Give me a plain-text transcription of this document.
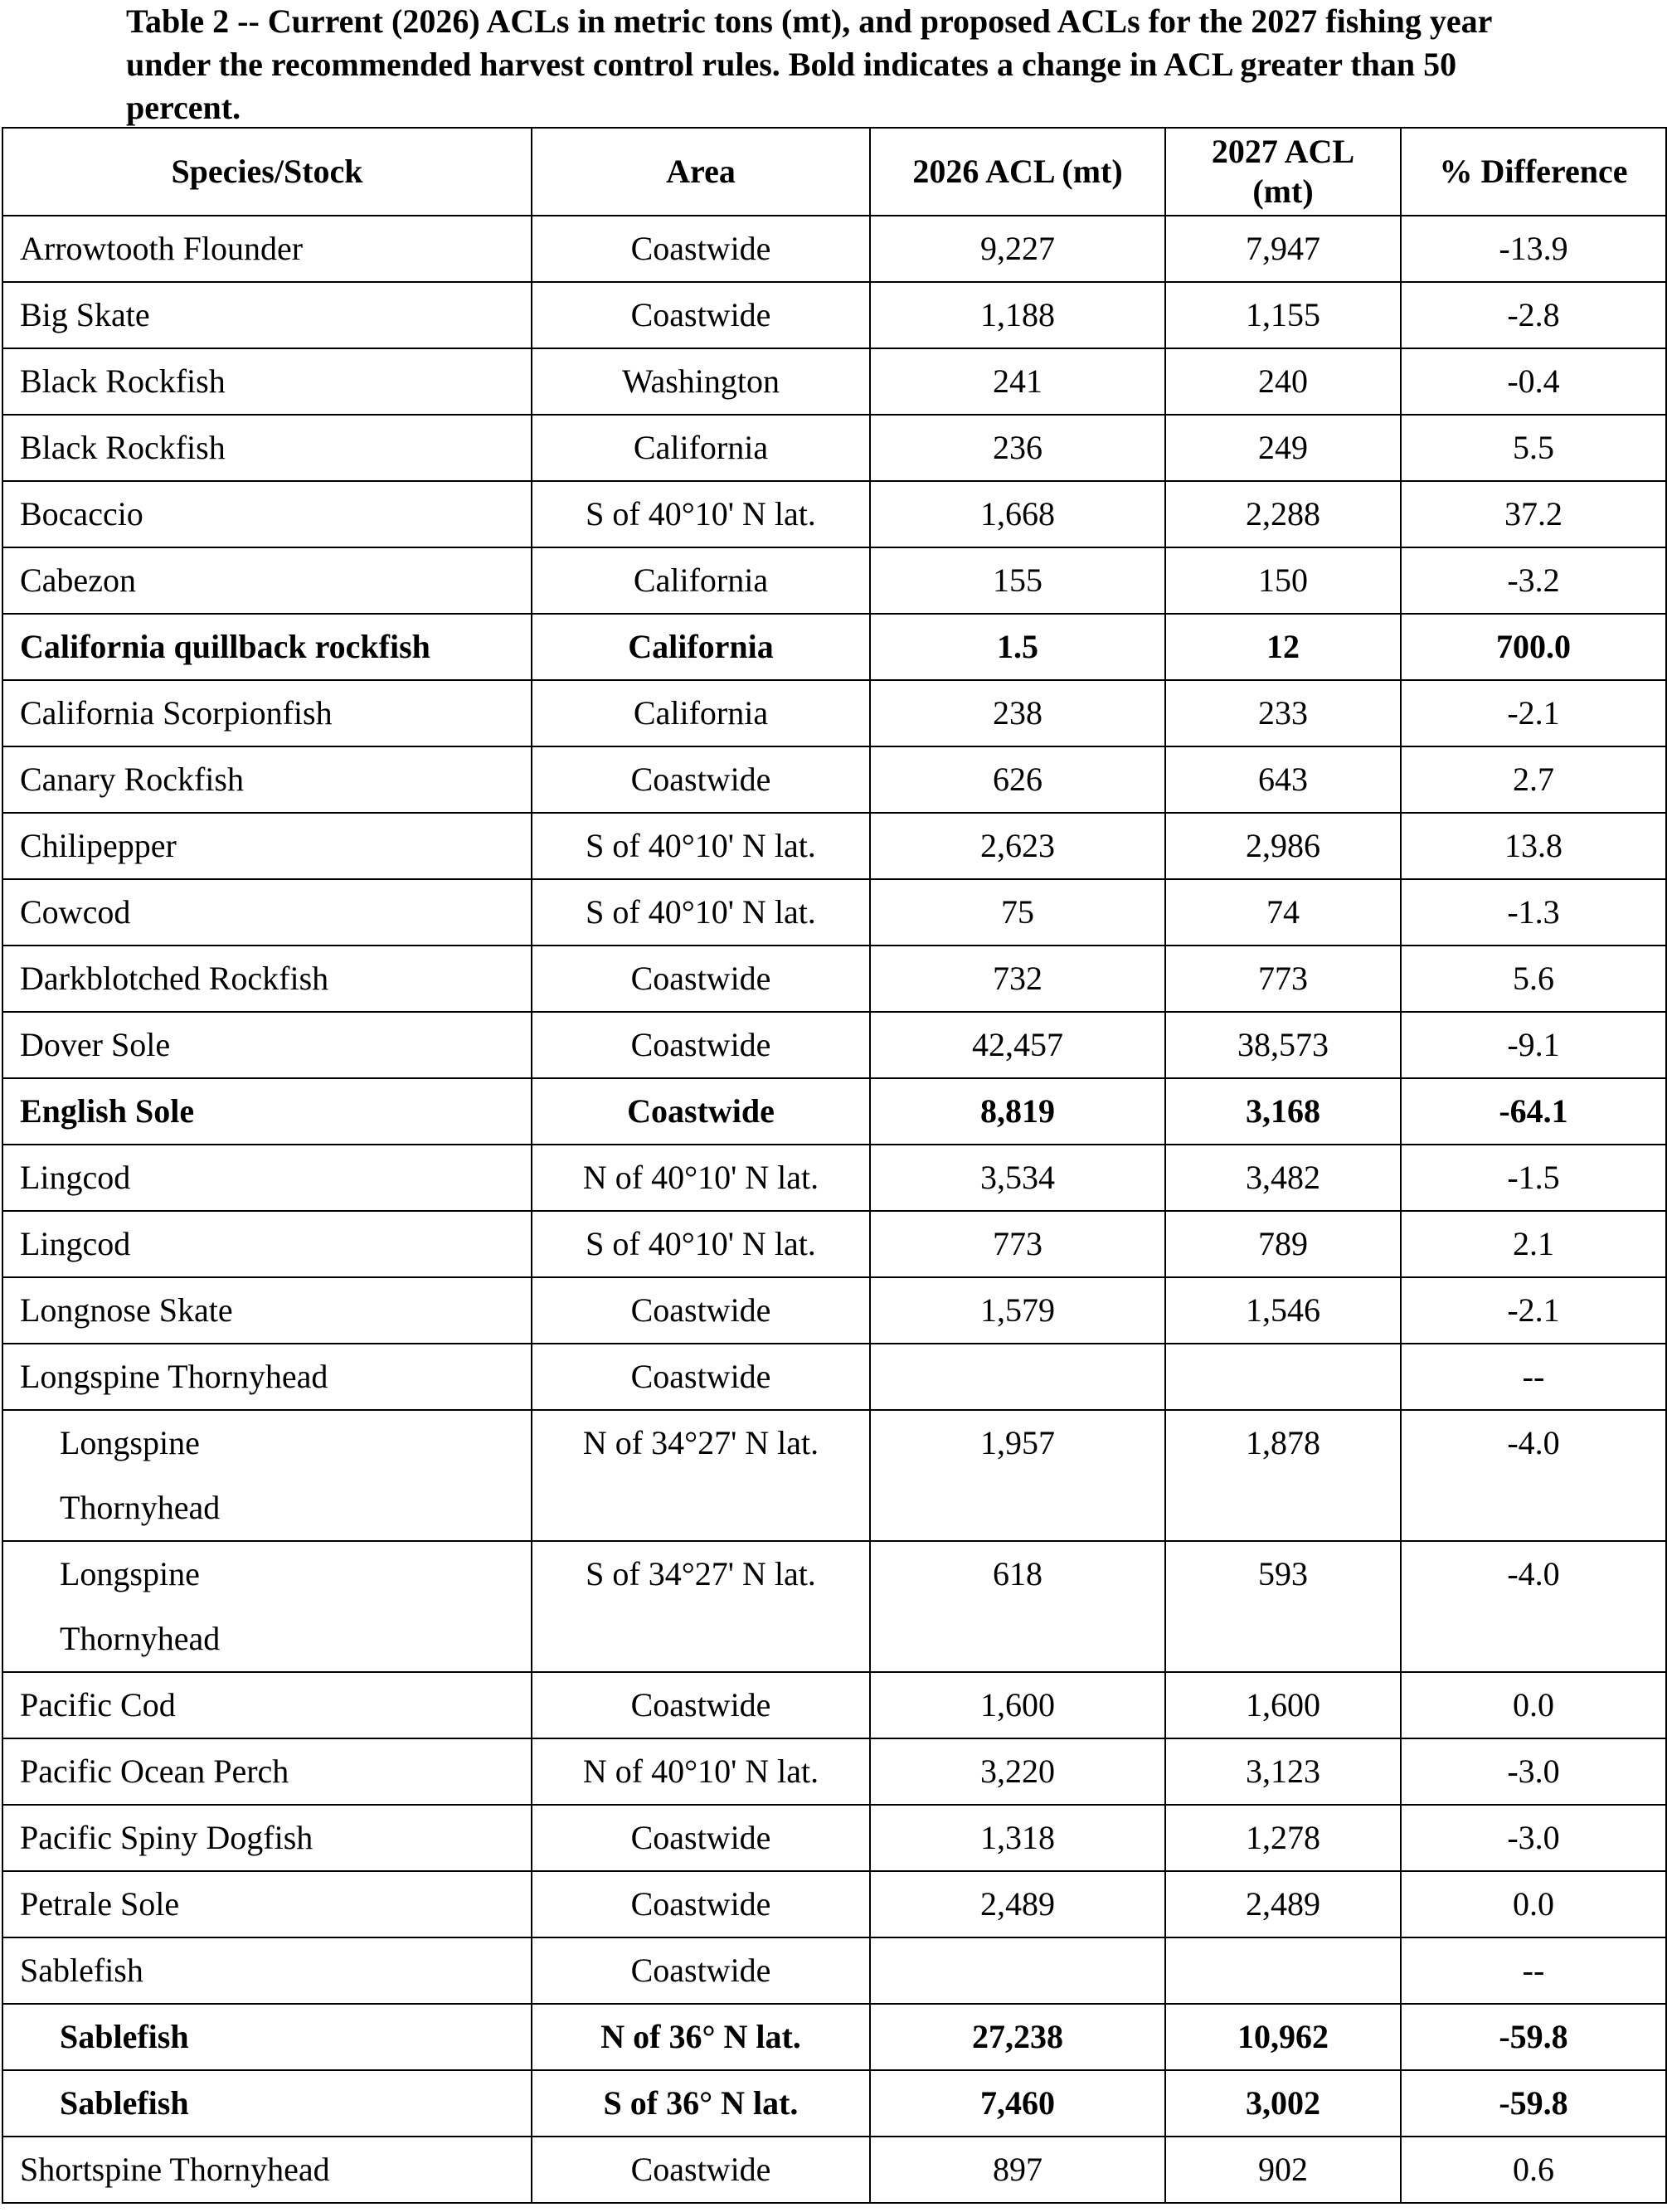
Table 2 -- Current (2026) ACLs in metric tons (mt), and proposed ACLs for the 2027 fishing year under the recommended harvest control rules. Bold indicates a change in ACL greater than 50 percent.
Species/Stock	Area	2026 ACL (mt)	2027 ACL (mt)	% Difference
Arrowtooth Flounder	Coastwide	9,227	7,947	-13.9
Big Skate	Coastwide	1,188	1,155	-2.8
Black Rockfish	Washington	241	240	-0.4
Black Rockfish	California	236	249	5.5
Bocaccio	S of 40°10' N lat.	1,668	2,288	37.2
Cabezon	California	155	150	-3.2
California quillback rockfish	California	1.5	12	700.0
California Scorpionfish	California	238	233	-2.1
Canary Rockfish	Coastwide	626	643	2.7
Chilipepper	S of 40°10' N lat.	2,623	2,986	13.8
Cowcod	S of 40°10' N lat.	75	74	-1.3
Darkblotched Rockfish	Coastwide	732	773	5.6
Dover Sole	Coastwide	42,457	38,573	-9.1
English Sole	Coastwide	8,819	3,168	-64.1
Lingcod	N of 40°10' N lat.	3,534	3,482	-1.5
Lingcod	S of 40°10' N lat.	773	789	2.1
Longnose Skate	Coastwide	1,579	1,546	-2.1
Longspine Thornyhead	Coastwide			--
Longspine Thornyhead	N of 34°27' N lat.	1,957	1,878	-4.0
Longspine Thornyhead	S of 34°27' N lat.	618	593	-4.0
Pacific Cod	Coastwide	1,600	1,600	0.0
Pacific Ocean Perch	N of 40°10' N lat.	3,220	3,123	-3.0
Pacific Spiny Dogfish	Coastwide	1,318	1,278	-3.0
Petrale Sole	Coastwide	2,489	2,489	0.0
Sablefish	Coastwide			--
Sablefish	N of 36° N lat.	27,238	10,962	-59.8
Sablefish	S of 36° N lat.	7,460	3,002	-59.8
Shortspine Thornyhead	Coastwide	897	902	0.6
